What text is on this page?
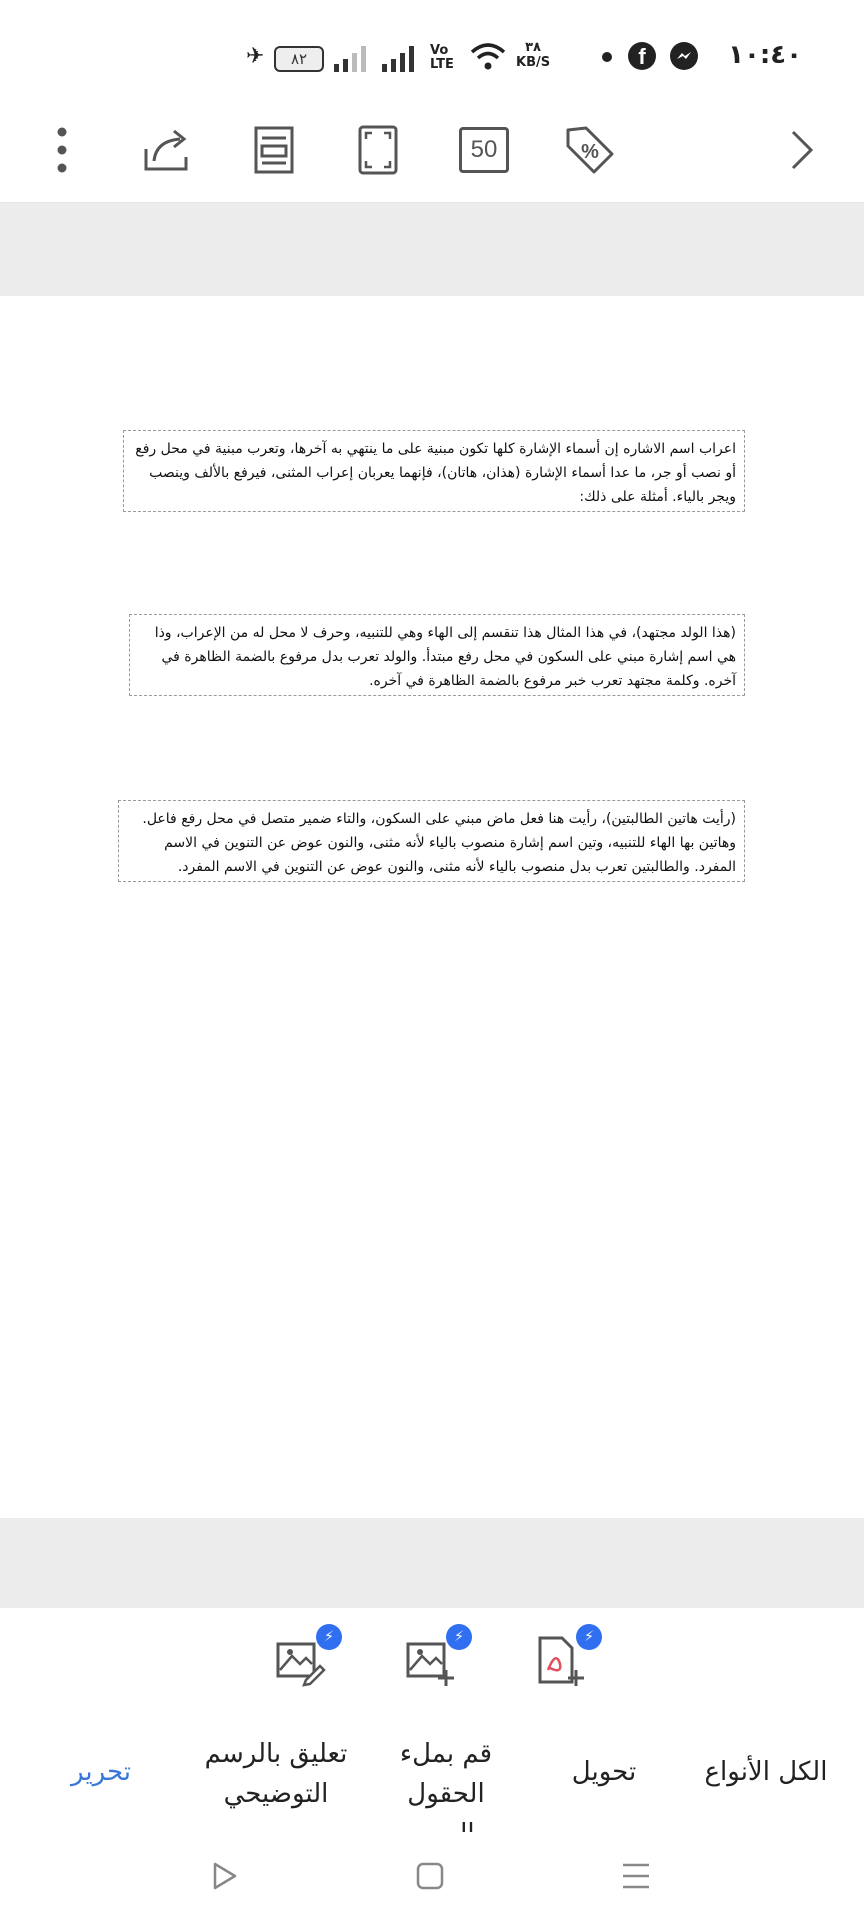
✈	٨٢	Vo LTE
٣٨
KB/S	f	١٠:٤٠
50	%
اعراب اسم الاشاره إن أسماء الإشارة كلها تكون مبنية على ما ينتهي به آخرها، وتعرب مبنية في محل رفع أو نصب أو جر، ما عدا أسماء الإشارة (هذان، هاتان)، فإنهما يعربان إعراب المثنى، فيرفع بالألف وينصب ويجر بالياء. أمثلة على ذلك:
(هذا الولد مجتهد)، في هذا المثال هذا تنقسم إلى الهاء وهي للتنبيه، وحرف لا محل له من الإعراب، وذا هي اسم إشارة مبني على السكون في محل رفع مبتدأ. والولد تعرب بدل مرفوع بالضمة الظاهرة في آخره. وكلمة مجتهد تعرب خبر مرفوع بالضمة الظاهرة في آخره.
(رأيت هاتين الطالبتين)، رأيت هنا فعل ماض مبني على السكون، والتاء ضمير متصل في محل رفع فاعل. وهاتين بها الهاء للتنبيه، وتين اسم إشارة منصوب بالياء لأنه مثنى، والنون عوض عن التنوين في الاسم المفرد. والطالبتين تعرب بدل منصوب بالياء لأنه مثنى، والنون عوض عن التنوين في الاسم المفرد.
⚡	⚡	⚡
الكل الأنواع
تحويل
قم بملء
الحقول
تعليق بالرسم
التوضيحي
تحرير
